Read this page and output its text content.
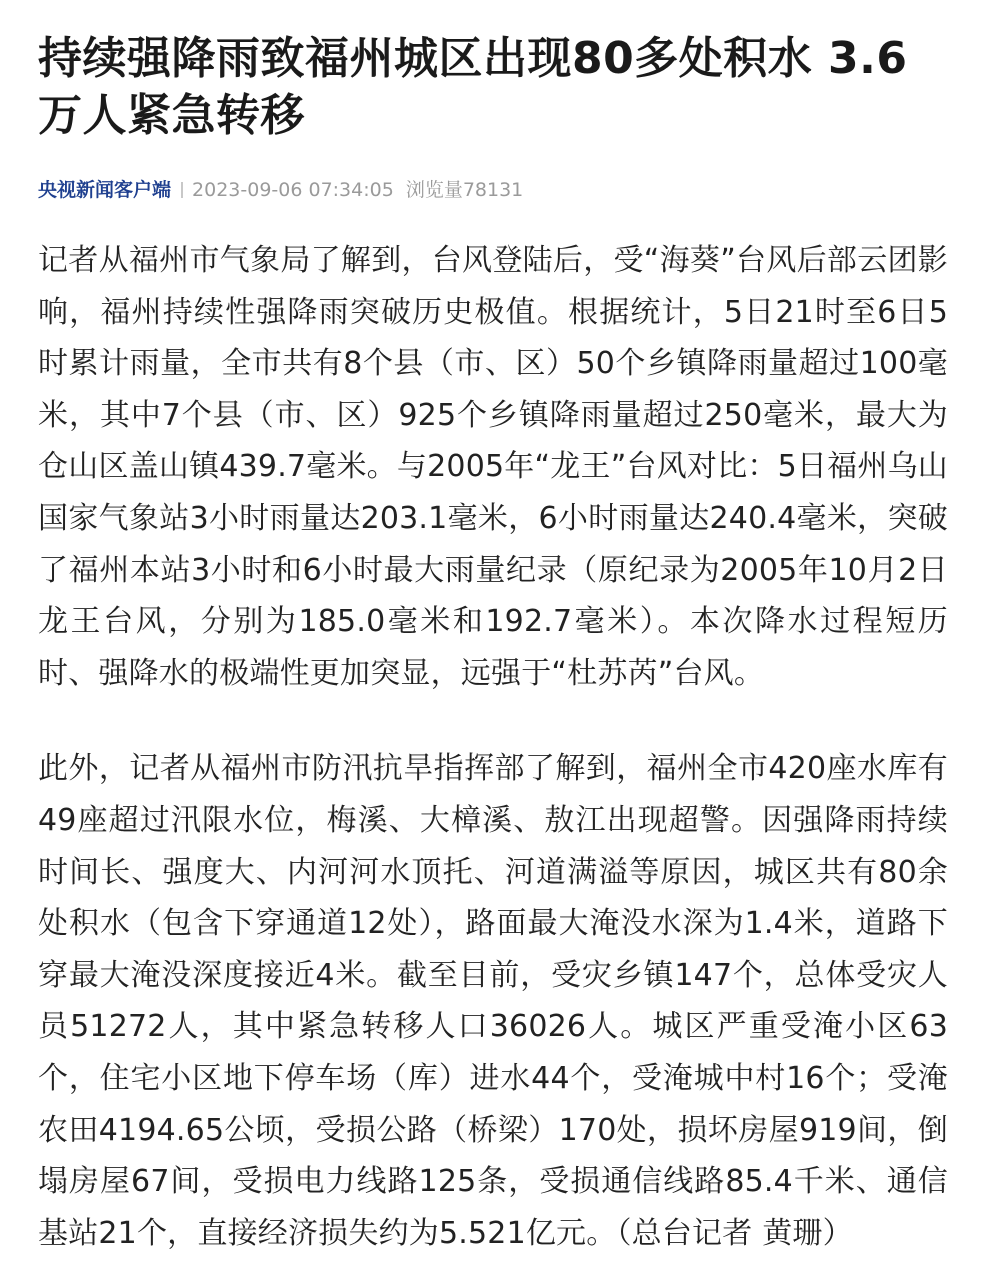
持续强降雨致福州城区出现80多处积水 3.6万人紧急转移
央视新闻客户端 2023-09-06 07:34:05 浏览量78131

记者从福州市气象局了解到，台风登陆后，受“海葵”台风后部云团影响，福州持续性强降雨突破历史极值。根据统计，5日21时至6日5时累计雨量，全市共有8个县（市、区）50个乡镇降雨量超过100毫米，其中7个县（市、区）925个乡镇降雨量超过250毫米，最大为仓山区盖山镇439.7毫米。与2005年“龙王”台风对比：5日福州乌山国家气象站3小时雨量达203.1毫米，6小时雨量达240.4毫米，突破了福州本站3小时和6小时最大雨量纪录（原纪录为2005年10月2日龙王台风，分别为185.0毫米和192.7毫米）。本次降水过程短历时、强降水的极端性更加突显，远强于“杜苏芮”台风。

此外，记者从福州市防汛抗旱指挥部了解到，福州全市420座水库有49座超过汛限水位，梅溪、大樟溪、敖江出现超警。因强降雨持续时间长、强度大、内河河水顶托、河道满溢等原因，城区共有80余处积水（包含下穿通道12处），路面最大淹没水深为1.4米，道路下穿最大淹没深度接近4米。截至目前，受灾乡镇147个，总体受灾人员51272人，其中紧急转移人口36026人。城区严重受淹小区63个，住宅小区地下停车场（库）进水44个，受淹城中村16个；受淹农田4194.65公顷，受损公路（桥梁）170处，损坏房屋919间，倒塌房屋67间，受损电力线路125条，受损通信线路85.4千米、通信基站21个，直接经济损失约为5.521亿元。（总台记者 黄珊）
